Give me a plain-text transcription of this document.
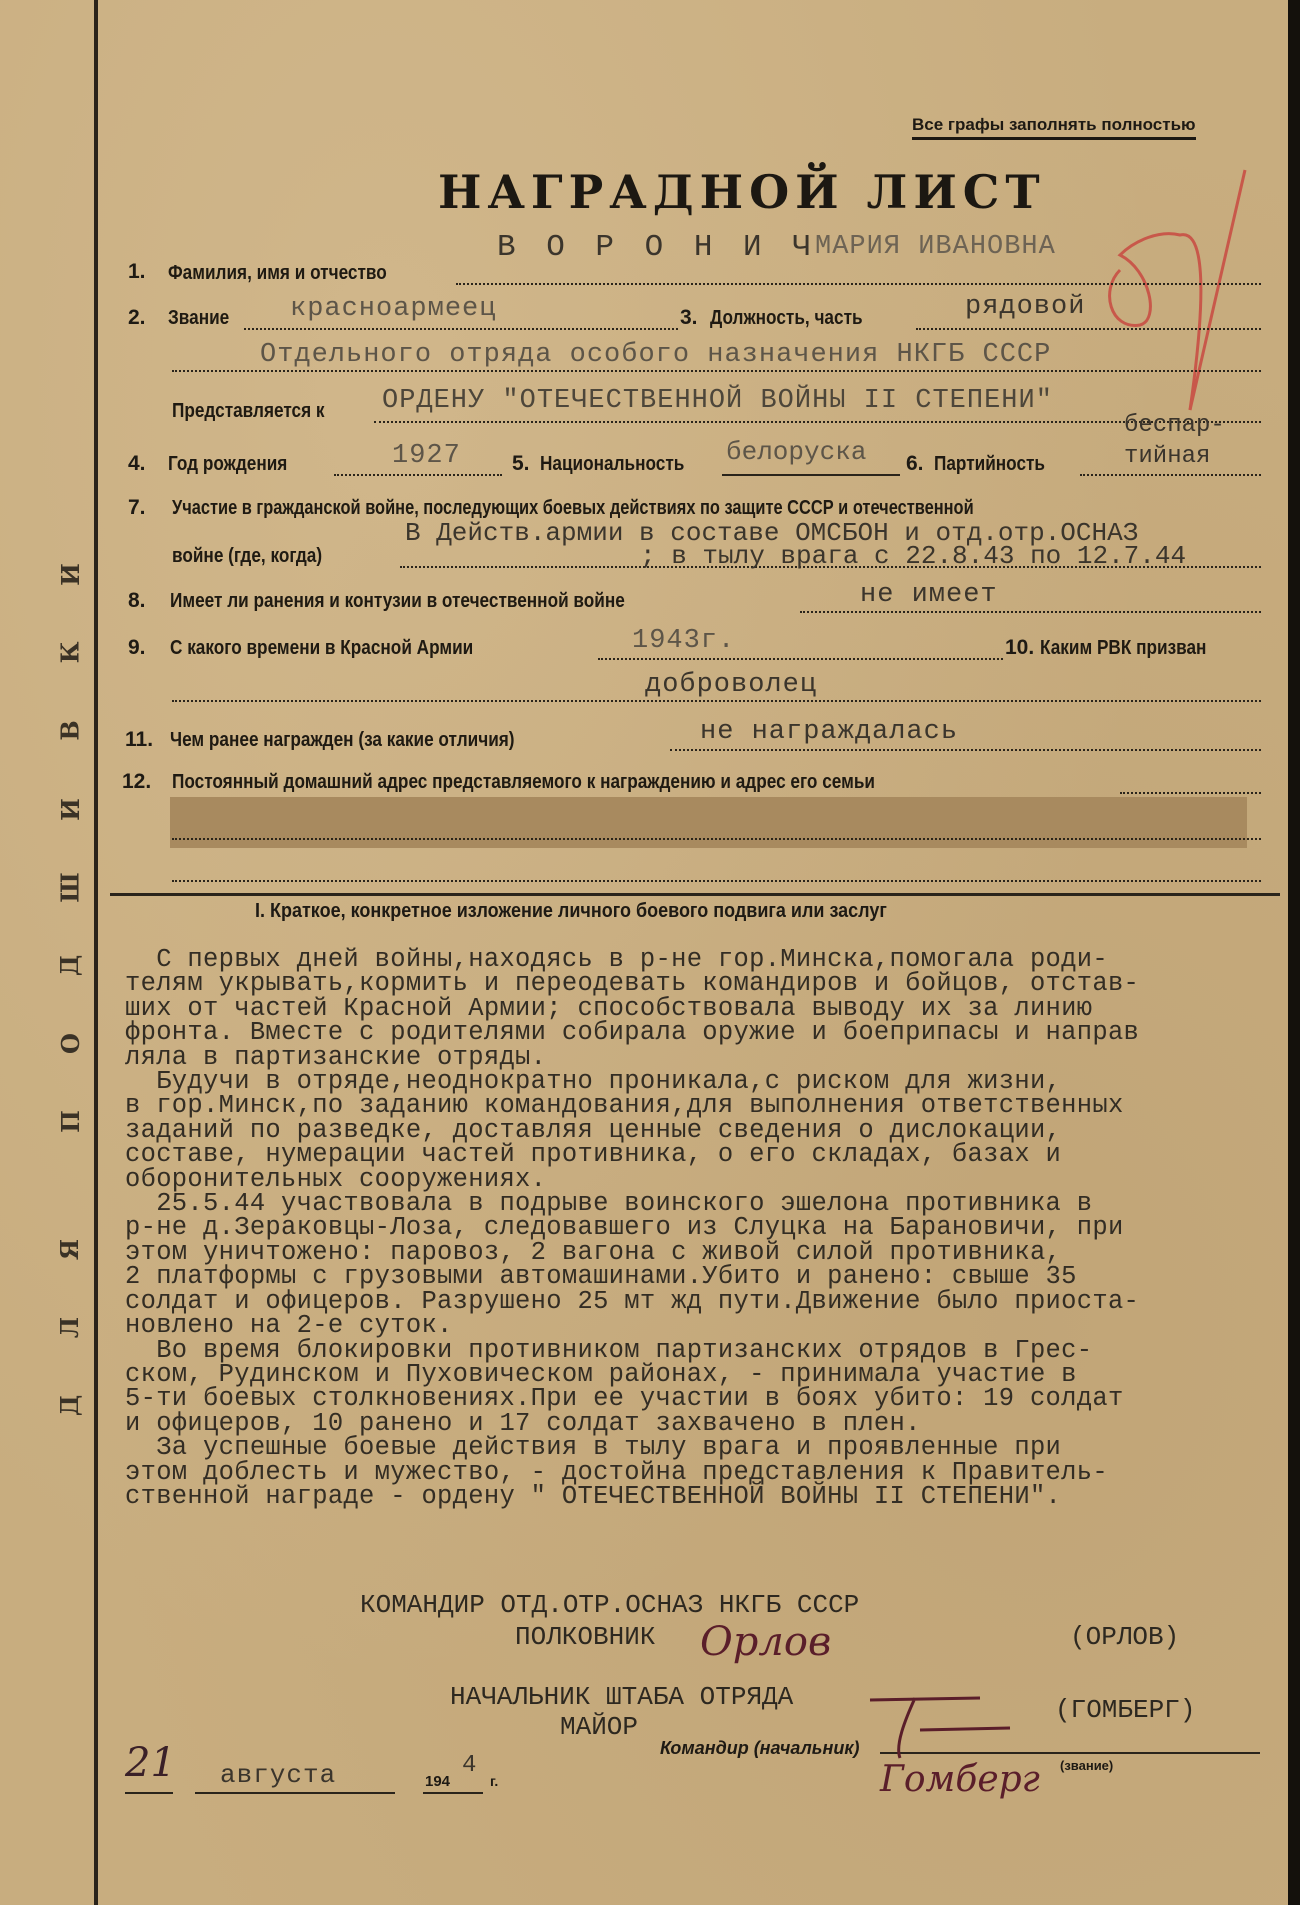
Д
Л
Я
П
О
Д
Ш
И
В
К
И
Все графы заполнять полностью
НАГРАДНОЙ ЛИСТ
1. Фамилия, имя и отчество
В О Р О Н И Ч
МАРИЯ ИВАНОВНА
2. Звание красноармеец	3. Должность, часть	рядовой
Отдельного отряда особого назначения НКГБ СССР
Представляется к ОРДЕНУ "ОТЕЧЕСТВЕННОЙ ВОЙНЫ II СТЕПЕНИ"
4. Год рождения	1927 5. Национальность белоруска 6. Партийность
беспар-
тийная
7. Участие в гражданской войне, последующих боевых действиях по защите СССР и отечественной
войне (где, когда)
В Действ.армии в составе ОМСБОН и отд.отр.ОСНАЗ
; в тылу врага с 22.8.43 по 12.7.44
8. Имеет ли ранения и контузии в отечественной войне	не имеет
9. С какого времени в Красной Армии	1943г.	10. Каким РВК призван
доброволец
11. Чем ранее награжден (за какие отличия)	не награждалась
12. Постоянный домашний адрес представляемого к награждению и адрес его семьи
I. Краткое, конкретное изложение личного боевого подвига или заслуг

С первых дней войны,находясь в р-не гор.Минска,помогала роди-

телям укрывать,кормить и переодевать командиров и бойцов, отстав-

ших от частей Красной Армии; способствовала выводу их за линию

фронта. Вместе с родителями собирала оружие и боеприпасы и направ

ляла в партизанские отряды.

Будучи в отряде,неоднократно проникала,с риском для жизни,

в гор.Минск,по заданию командования,для выполнения ответственных

заданий по разведке, доставляя ценные сведения о дислокации,

составе, нумерации частей противника, о его складах, базах и

оборонительных сооружениях.

25.5.44 участвовала в подрыве воинского эшелона противника в

р-не д.Зераковцы-Лоза, следовавшего из Слуцка на Барановичи, при

этом уничтожено: паровоз, 2 вагона с живой силой противника,

2 платформы с грузовыми автомашинами.Убито и ранено: свыше 35

солдат и офицеров. Разрушено 25 мт жд пути.Движение было приоста-

новлено на 2-е суток.

Во время блокировки противником партизанских отрядов в Грес-

ском, Рудинском и Пуховическом районах, - принимала участие в

5-ти боевых столкновениях.При ее участии в боях убито: 19 солдат

и офицеров, 10 ранено и 17 солдат захвачено в плен.

За успешные боевые действия в тылу врага и проявленные при

этом доблесть и мужество, - достойна представления к Правитель-

ственной награде - ордену " ОТЕЧЕСТВЕННОЙ ВОЙНЫ II СТЕПЕНИ".

КОМАНДИР ОТД.ОТР.ОСНАЗ НКГБ СССР
ПОЛКОВНИК Орлов	(ОРЛОВ)
НАЧАЛЬНИК ШТАБА ОТРЯДА
МАЙОР
(ГОМБЕРГ)
Командир (начальник)
(звание)
Гомберг
21 августа	194
4
г.
